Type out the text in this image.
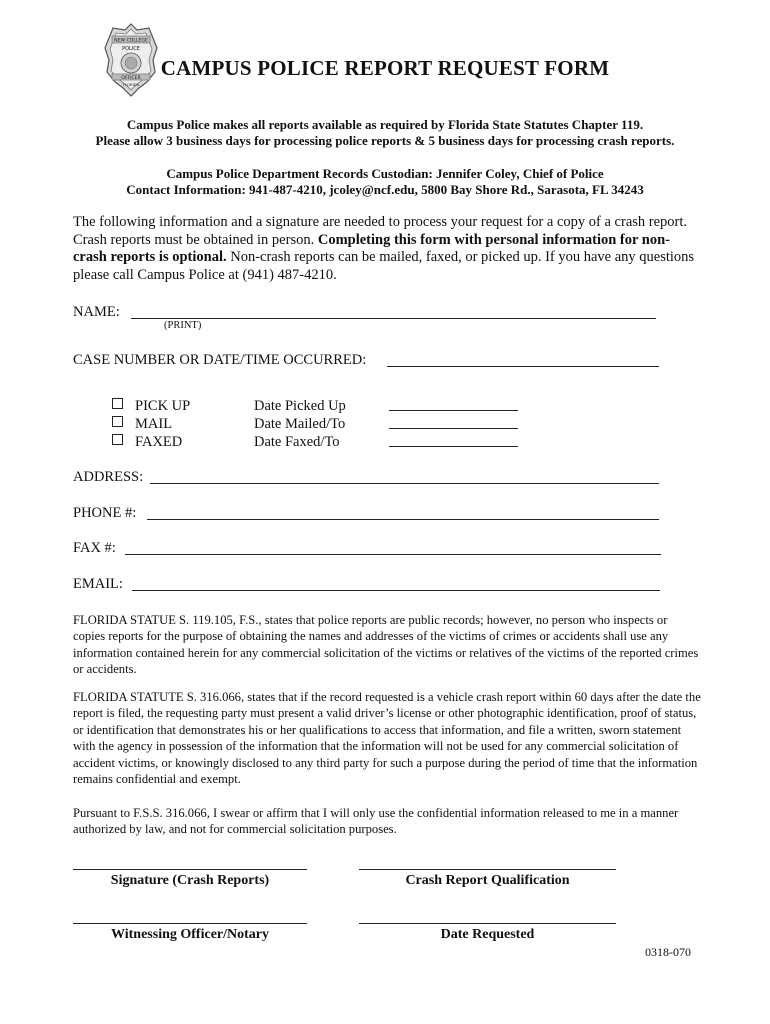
NEW COLLEGE
POLICE
OFFICER
FLORIDA
CAMPUS POLICE REPORT REQUEST FORM
Campus Police makes all reports available as required by Florida State Statutes Chapter 119.
Please allow 3 business days for processing police reports & 5 business days for processing crash reports.
Campus Police Department Records Custodian: Jennifer Coley, Chief of Police
Contact Information: 941-487-4210, jcoley@ncf.edu, 5800 Bay Shore Rd., Sarasota, FL 34243
The following information and a signature are needed to process your request for a copy of a crash report. Crash reports must be obtained in person. Completing this form with personal information for non-crash reports is optional. Non-crash reports can be mailed, faxed, or picked up. If you have any questions please call Campus Police at (941) 487-4210.
NAME:
(PRINT)
CASE NUMBER OR DATE/TIME OCCURRED:
PICK UP
MAIL
FAXED
Date Picked Up
Date Mailed/To
Date Faxed/To
ADDRESS:
PHONE #:
FAX #:
EMAIL:
FLORIDA STATUE S. 119.105, F.S., states that police reports are public records; however, no person who inspects or copies reports for the purpose of obtaining the names and addresses of the victims of crimes or accidents shall use any information contained herein for any commercial solicitation of the victims or relatives of the victims of the reported crimes or accidents.
FLORIDA STATUTE S. 316.066, states that if the record requested is a vehicle crash report within 60 days after the date the report is filed, the requesting party must present a valid driver’s license or other photographic identification, proof of status, or identification that demonstrates his or her qualifications to access that information, and file a written, sworn statement with the agency in possession of the information that the information will not be used for any commercial solicitation of accident victims, or knowingly disclosed to any third party for such a purpose during the period of time that the information remains confidential and exempt.
Pursuant to F.S.S. 316.066, I swear or affirm that I will only use the confidential information released to me in a manner authorized by law, and not for commercial solicitation purposes.
Signature (Crash Reports)	Crash Report Qualification
Witnessing Officer/Notary	Date Requested
0318-070
